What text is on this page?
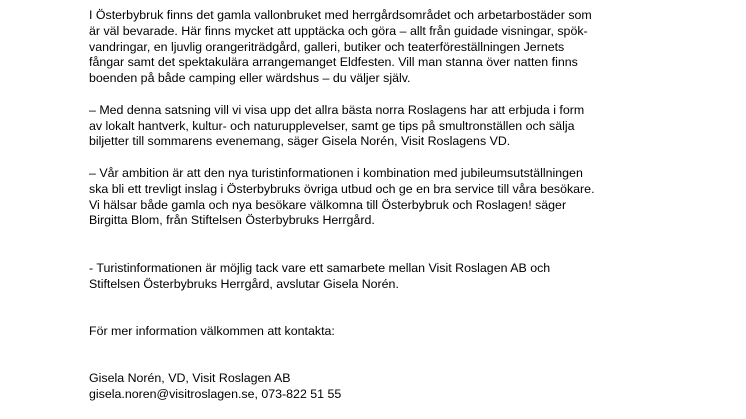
I Österbybruk finns det gamla vallonbruket med herrgårdsområdet och arbetarbostäder som
är väl bevarade. Här finns mycket att upptäcka och göra – allt från guidade visningar, spök-
vandringar, en ljuvlig orangeriträdgård, galleri, butiker och teaterföreställningen Jernets
fångar samt det spektakulära arrangemanget Eldfesten. Vill man stanna över natten finns
boenden på både camping eller wärdshus – du väljer själv.

– Med denna satsning vill vi visa upp det allra bästa norra Roslagens har att erbjuda i form
av lokalt hantverk, kultur- och naturupplevelser, samt ge tips på smultronställen och sälja
biljetter till sommarens evenemang, säger Gisela Norén, Visit Roslagens VD.

– Vår ambition är att den nya turistinformationen i kombination med jubileumsutställningen
ska bli ett trevligt inslag i Österbybruks övriga utbud och ge en bra service till våra besökare.
Vi hälsar både gamla och nya besökare välkomna till Österbybruk och Roslagen! säger
Birgitta Blom, från Stiftelsen Österbybruks Herrgård.

- Turistinformationen är möjlig tack vare ett samarbete mellan Visit Roslagen AB och
Stiftelsen Österbybruks Herrgård, avslutar Gisela Norén.

För mer information välkommen att kontakta:

Gisela Norén, VD, Visit Roslagen AB
gisela.noren@visitroslagen.se, 073-822 51 55
